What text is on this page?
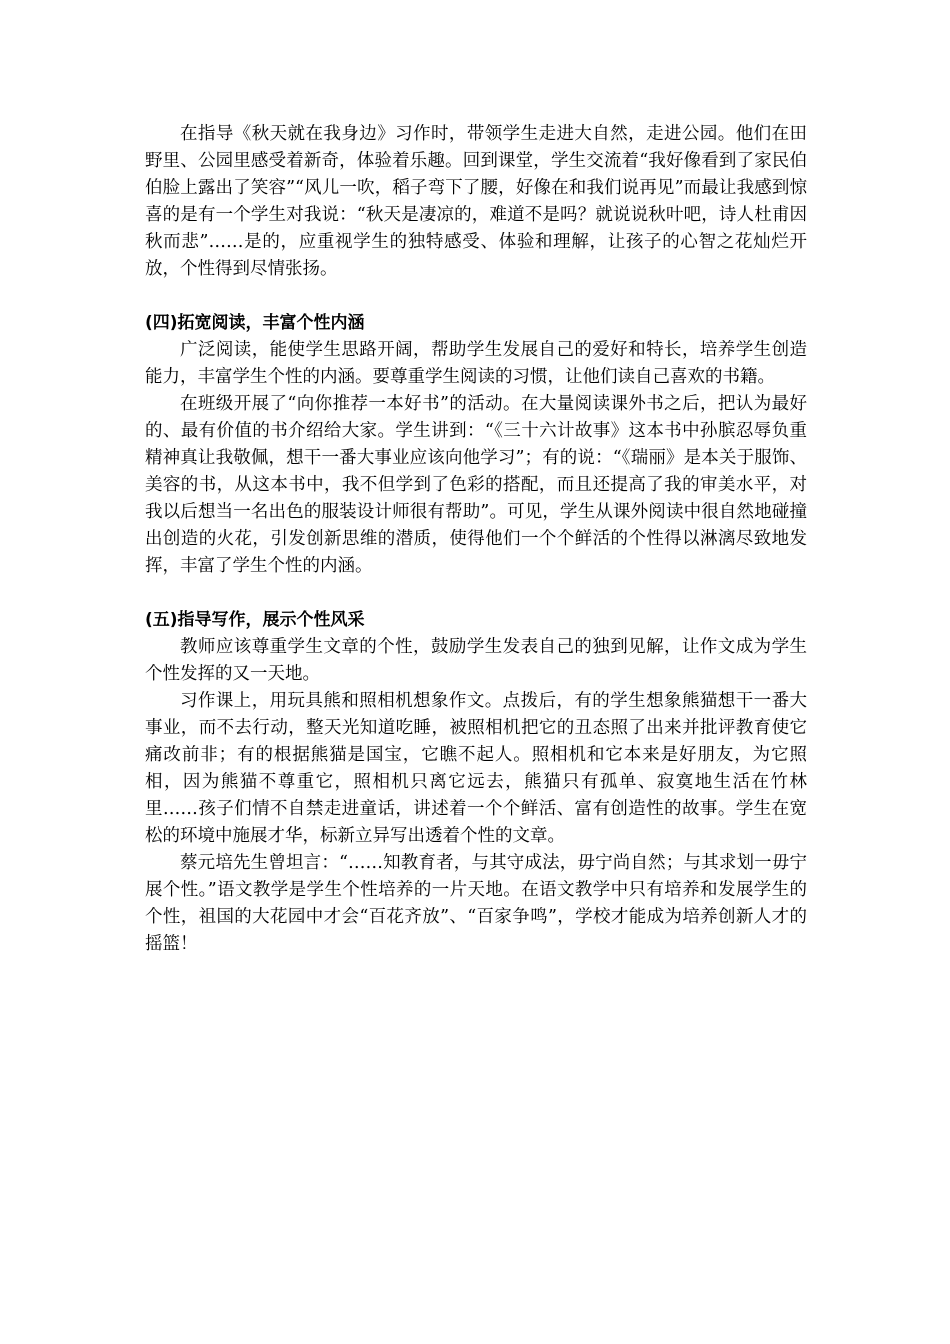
在指导《秋天就在我身边》习作时，带领学生走进大自然，走进公园。他们在田野里、公园里感受着新奇，体验着乐趣。回到课堂，学生交流着“我好像看到了家民伯伯脸上露出了笑容”“风儿一吹，稻子弯下了腰，好像在和我们说再见”而最让我感到惊喜的是有一个学生对我说：“秋天是凄凉的，难道不是吗？就说说秋叶吧，诗人杜甫因秋而悲”……是的，应重视学生的独特感受、体验和理解，让孩子的心智之花灿烂开放，个性得到尽情张扬。

(四)拓宽阅读，丰富个性内涵

广泛阅读，能使学生思路开阔，帮助学生发展自己的爱好和特长，培养学生创造能力，丰富学生个性的内涵。要尊重学生阅读的习惯，让他们读自己喜欢的书籍。

在班级开展了“向你推荐一本好书”的活动。在大量阅读课外书之后，把认为最好的、最有价值的书介绍给大家。学生讲到：“《三十六计故事》这本书中孙膑忍辱负重精神真让我敬佩，想干一番大事业应该向他学习”；有的说：“《瑞丽》是本关于服饰、美容的书，从这本书中，我不但学到了色彩的搭配，而且还提高了我的审美水平，对我以后想当一名出色的服装设计师很有帮助”。可见，学生从课外阅读中很自然地碰撞出创造的火花，引发创新思维的潜质，使得他们一个个鲜活的个性得以淋漓尽致地发挥，丰富了学生个性的内涵。

(五)指导写作，展示个性风采

教师应该尊重学生文章的个性，鼓励学生发表自己的独到见解，让作文成为学生个性发挥的又一天地。

习作课上，用玩具熊和照相机想象作文。点拨后，有的学生想象熊猫想干一番大事业，而不去行动，整天光知道吃睡，被照相机把它的丑态照了出来并批评教育使它痛改前非；有的根据熊猫是国宝，它瞧不起人。照相机和它本来是好朋友，为它照相，因为熊猫不尊重它，照相机只离它远去，熊猫只有孤单、寂寞地生活在竹林里……孩子们情不自禁走进童话，讲述着一个个鲜活、富有创造性的故事。学生在宽松的环境中施展才华，标新立异写出透着个性的文章。

蔡元培先生曾坦言：“……知教育者，与其守成法，毋宁尚自然；与其求划一毋宁展个性。”语文教学是学生个性培养的一片天地。在语文教学中只有培养和发展学生的个性，祖国的大花园中才会“百花齐放”、“百家争鸣”，学校才能成为培养创新人才的摇篮！
